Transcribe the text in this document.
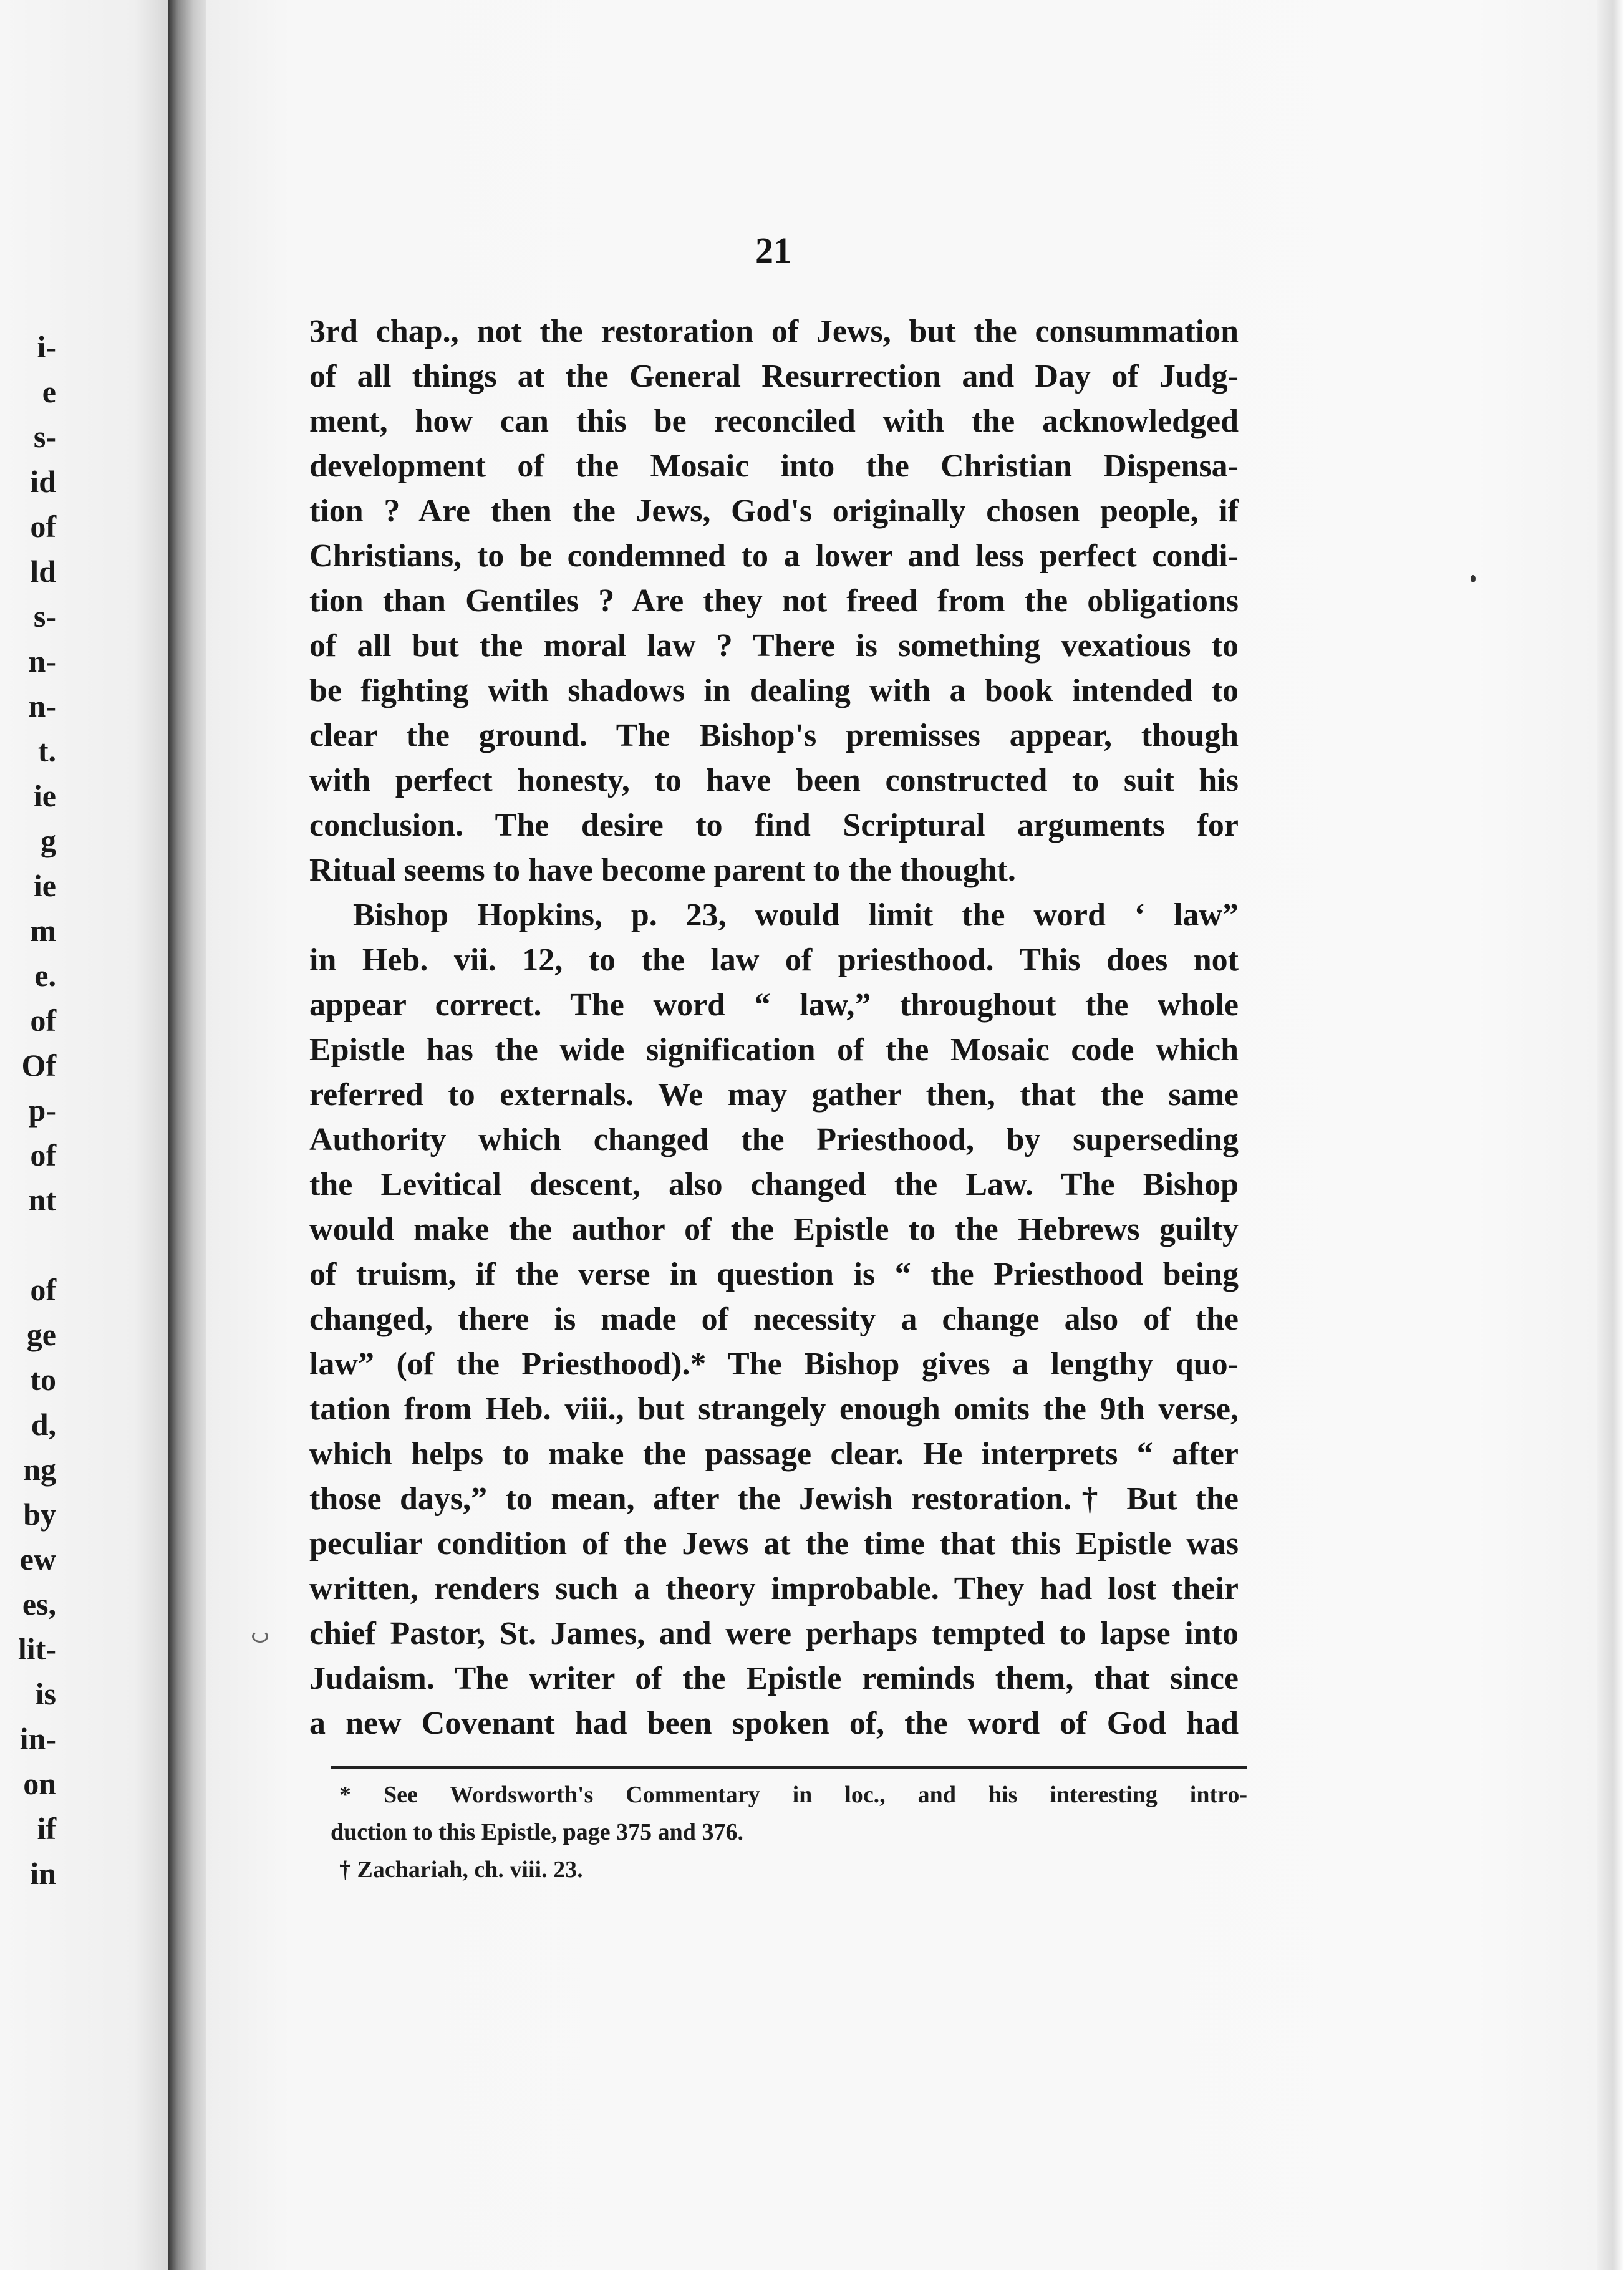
i-
e
s-
id
of
ld
s-
n-
n-
t.
ie
g
ie
m
e.
of
Of
p-
of
nt
of
ge
to
d,
ng
by
ew
es,
lit-
is
in-
on
if
in
21
3rd chap., not the restoration of Jews, but the consummation
of all things at the General Resurrection and Day of Judg-
ment, how can this be reconciled with the acknowledged
development of the Mosaic into the Christian Dispensa-
tion ? Are then the Jews, God's originally chosen people, if
Christians, to be condemned to a lower and less perfect condi-
tion than Gentiles ? Are they not freed from the obligations
of all but the moral law ? There is something vexatious to
be fighting with shadows in dealing with a book intended to
clear the ground. The Bishop's premisses appear, though
with perfect honesty, to have been constructed to suit his
conclusion. The desire to find Scriptural arguments for
Ritual seems to have become parent to the thought.
Bishop Hopkins, p. 23, would limit the word ‘ law”
in Heb. vii. 12, to the law of priesthood. This does not
appear correct. The word “ law,” throughout the whole
Epistle has the wide signification of the Mosaic code which
referred to externals. We may gather then, that the same
Authority which changed the Priesthood, by superseding
the Levitical descent, also changed the Law. The Bishop
would make the author of the Epistle to the Hebrews guilty
of truism, if the verse in question is “ the Priesthood being
changed, there is made of necessity a change also of the
law” (of the Priesthood).* The Bishop gives a lengthy quo-
tation from Heb. viii., but strangely enough omits the 9th verse,
which helps to make the passage clear. He interprets “ after
those days,” to mean, after the Jewish restoration.† But the
peculiar condition of the Jews at the time that this Epistle was
written, renders such a theory improbable. They had lost their
chief Pastor, St. James, and were perhaps tempted to lapse into
Judaism. The writer of the Epistle reminds them, that since
a new Covenant had been spoken of, the word of God had
* See Wordsworth's Commentary in loc., and his interesting intro-
duction to this Epistle, page 375 and 376.
† Zachariah, ch. viii. 23.
